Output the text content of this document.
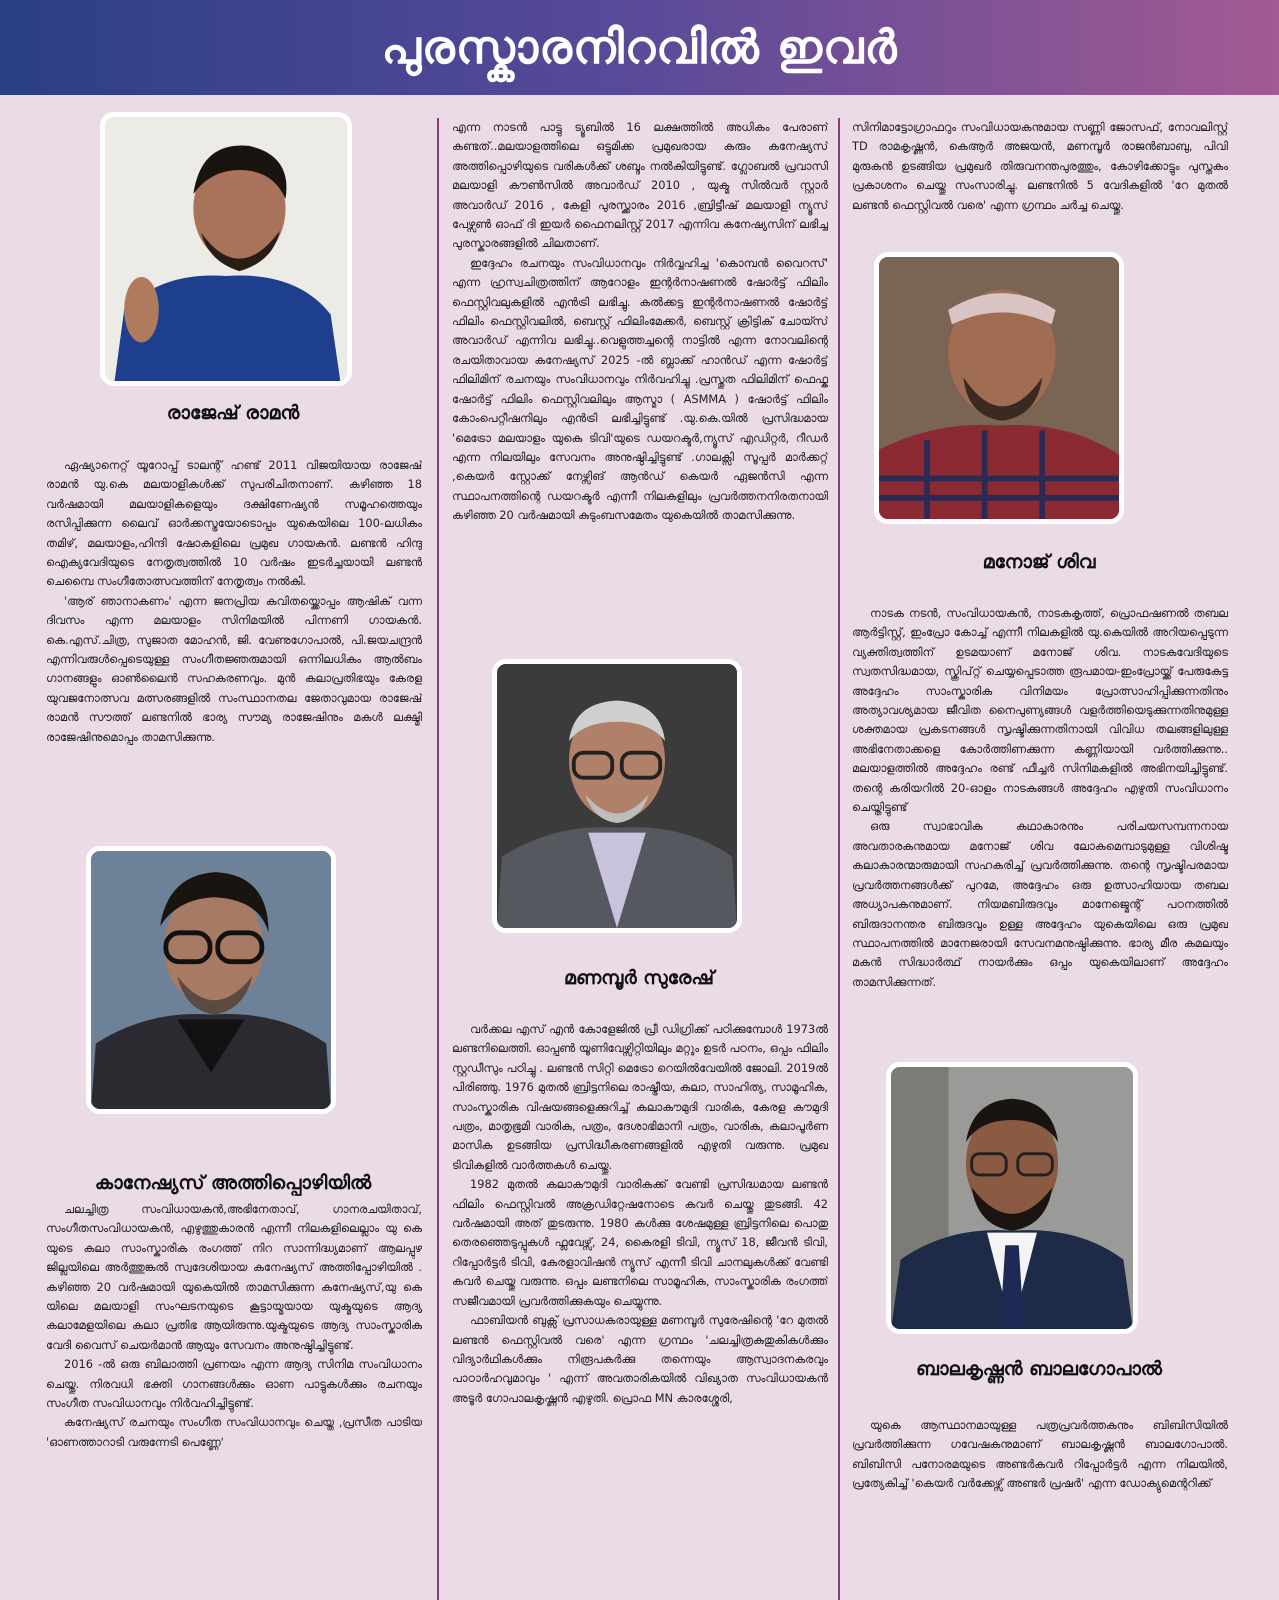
പുരസ്കാരനിറവിൽ ഇവർ
രാജേഷ് രാമൻ

ഏഷ്യാനെറ്റ് യൂറോപ്പ് ടാലന്റ് ഹണ്ട് 2011 വിജയിയായ രാജേഷ് രാമൻ യു.കെ മലയാളികൾക്ക് സുപരിചിതനാണ്. കഴിഞ്ഞ 18 വർഷമായി മലയാളികളെയും ദക്ഷിണേഷ്യൻ സമൂഹത്തെയും രസിപ്പിക്കുന്ന ലൈവ് ഓർക്കസ്ട്രയോടൊപ്പം യുകെയിലെ 100-ലധികം തമിഴ്, മലയാളം,ഹിന്ദി ഷോകളിലെ പ്രമുഖ ഗായകൻ. ലണ്ടൻ ഹിന്ദു ഐക്യവേദിയുടെ നേതൃത്വത്തിൽ 10 വർഷം ഇടർച്ചയായി ലണ്ടൻ ചെമ്പൈ സംഗീതോത്സവത്തിന് നേതൃത്വം നൽകി.

'ആര് ഞാനാകണം' എന്ന ജനപ്രിയ കവിതയ്ക്കൊപ്പം ആഷിക് വന്ന ദിവസം എന്ന മലയാളം സിനിമയിൽ പിന്നണി ഗായകൻ. കെ.എസ്.ചിത്ര, സുജാത മോഹൻ, ജി. വേണുഗോപാൽ, പി.ജയചന്ദ്രൻ എന്നിവരുൾപ്പെടെയുള്ള സംഗീതജ്ഞരുമായി ഒന്നിലധികം ആൽബം ഗാനങ്ങളും ഓൺലൈൻ സഹകരണവും. മുൻ കലാപ്രതിഭയും കേരള യുവജനോത്സവ മത്സരങ്ങളിൽ സംസ്ഥാനതല ജേതാവുമായ രാജേഷ് രാമൻ സൗത്ത് ലണ്ടനിൽ ഭാര്യ സൗമ്യ രാജേഷിനും മകൾ ലക്ഷ്മി രാജേഷിനുമൊപ്പം താമസിക്കുന്നു.

കാനേഷ്യസ് അത്തിപ്പൊഴിയിൽ

ചലച്ചിത്ര സംവിധായകൻ,അഭിനേതാവ്, ഗാനരചയിതാവ്, സംഗീതസംവിധായകൻ, എഴുത്തുകാരൻ എന്നീ നിലകളിലെല്ലാം യു കെ യുടെ കലാ സാംസ്കാരിക രംഗത്ത് നിറ സാന്നിദ്ധ്യമാണ് ആലപ്പുഴ ജില്ലയിലെ അർത്തുങ്കൽ സ്വദേശിയായ കനേഷ്യസ് അത്തിപ്പോഴിയിൽ . കഴിഞ്ഞ 20 വർഷമായി യുകെയിൽ താമസിക്കുന്ന കനേഷ്യസ്,യു കെ യിലെ മലയാളി സംഘടനയുടെ കൂട്ടായ്മയായ യുക്മയുടെ ആദ്യ കലാമേളയിലെ കലാ പ്രതിഭ ആയിരുന്നു.യുക്മയുടെ ആദ്യ സാംസ്കാരിക വേദി വൈസ് ചെയർമാൻ ആയും സേവനം അനുഷ്ഠിച്ചിട്ടുണ്ട്.

2016 -ൽ ഒരു ബിലാത്തി പ്രണയം എന്ന ആദ്യ സിനിമ സംവിധാനം ചെയ്തു. നിരവധി ഭക്തി ഗാനങ്ങൾക്കും ഓണ പാട്ടുകൾക്കും രചനയും സംഗീത സംവിധാനവും നിർവഹിച്ചിട്ടുണ്ട്.

കനേഷ്യസ് രചനയും സംഗീത സംവിധാനവും ചെയ്ത ,പ്രസീത പാടിയ 'ഓണത്താറാടി വരുന്നേടി പെണ്ണേ'

എന്ന നാടൻ പാട്ടു ട്യൂബിൽ 16 ലക്ഷത്തിൽ അധികം പേരാണ് കണ്ടത്..മലയാളത്തിലെ ഒട്ടുമിക്ക പ്രമുഖരായ കരും കനേഷ്യസ് അത്തിപ്പൊഴിയുടെ വരികൾക്ക് ശബ്ദം നൽകിയിട്ടുണ്ട്. ഗ്ലോബൽ പ്രവാസി മലയാളി കൗൺസിൽ അവാർഡ് 2010 , യുക്മ സിൽവർ സ്റ്റാർ അവാർഡ് 2016 , കേളി പുരസ്ക്കാരം 2016 ,ബ്രിട്ടീഷ് മലയാളി ന്യൂസ് പേഴ്സൺ ഓഫ് ദി ഇയർ ഫൈനലിസ്റ്റ് 2017 എന്നിവ കനേഷ്യസിന് ലഭിച്ച പുരസ്കാരങ്ങളിൽ ചിലതാണ്.

ഇദ്ദേഹം രചനയും സംവിധാനവും നിർവ്വഹിച്ച 'കൊമ്പൻ വൈറസ്' എന്ന ഹ്രസ്വചിത്രത്തിന് ആറോളം ഇന്റർനാഷണൽ ഷോർട്ട് ഫിലിം ഫെസ്റ്റിവലുകളിൽ എൻട്രി ലഭിച്ചു. കൽക്കട്ട ഇന്റർനാഷണൽ ഷോർട്ട് ഫിലിം ഫെസ്റ്റിവലിൽ, ബെസ്റ്റ് ഫിലിംമേക്കർ, ബെസ്റ്റ് ക്രിട്ടിക് ചോയ്സ് അവാർഡ് എന്നിവ ലഭിച്ചു..വെളുത്തച്ചന്റെ നാട്ടിൽ എന്ന നോവലിന്റെ രചയിതാവായ കനേഷ്യസ് 2025 -ൽ ബ്ലാക്ക് ഹാൻഡ് എന്ന ഷോർട്ട് ഫിലിമിന് രചനയും സംവിധാനവും നിർവഹിച്ചു .പ്രസ്തുത ഫിലിമിന് ഫെഫ്ക ഷോർട്ട് ഫിലിം ഫെസ്റ്റിവലിലും ആസ്മാ ( ASMMA ) ഷോർട്ട് ഫിലിം കോംപെറ്റീഷനിലും എൻട്രി ലഭിച്ചിട്ടുണ്ട് .യു.കെ.യിൽ പ്രസിദ്ധമായ 'മെട്രോ മലയാളം യുകെ ടിവി'യുടെ ഡയറക്ടർ,ന്യൂസ് എഡിറ്റർ, റീഡർ എന്ന നിലയിലും സേവനം അനുഷ്ഠിച്ചിട്ടുണ്ട് .ഗാലക്സി സൂപ്പർ മാർക്കറ്റ് ,കെയർ സ്റ്റോക്ക് നേഴ്സിങ് ആൻഡ് കെയർ ഏജൻസി എന്ന സ്ഥാപനത്തിന്റെ ഡയറക്ടർ എന്നീ നിലകളിലും പ്രവർത്തനനിരതനായി കഴിഞ്ഞ 20 വർഷമായി കുടുംബസമേതം യുകെയിൽ താമസിക്കുന്നു.

മണമ്പൂർ സുരേഷ്

വർക്കല എസ് എൻ കോളേജിൽ പ്രീ ഡിഗ്രിക്ക് പഠിക്കുമ്പോൾ 1973ൽ ലണ്ടനിലെത്തി. ഓപ്പൺ യൂണിവേഴ്സിറ്റിയിലും മറ്റും ഉടർ പഠനം, ഒപ്പം ഫിലിം സ്റ്റഡീസും പഠിച്ചു . ലണ്ടൻ സിറ്റി മെട്രോ റെയിൽവേയിൽ ജോലി. 2019ൽ പിരിഞ്ഞു. 1976 മുതൽ ബ്രിട്ടനിലെ രാഷ്ട്രീയ, കലാ, സാഹിത്യ, സാമൂഹിക, സാംസ്കാരിക വിഷയങ്ങളെക്കുറിച്ച് കലാകൗമുദി വാരിക, കേരള കൗമുദി പത്രം, മാതൃഭൂമി വാരിക, പത്രം, ദേശാഭിമാനി പത്രം, വാരിക, കലാപൂർണ മാസിക ഉടങ്ങിയ പ്രസിദ്ധീകരണങ്ങളിൽ എഴുതി വരുന്നു. പ്രമുഖ ടിവികളിൽ വാർത്തകൾ ചെയ്തു.

1982 മുതൽ കലാകൗമുദി വാരികക്ക് വേണ്ടി പ്രസിദ്ധമായ ലണ്ടൻ ഫിലിം ഫെസ്റ്റിവൽ അക്രഡിറ്റേഷനോടെ കവർ ചെയ്തു തുടങ്ങി. 42 വർഷമായി അത് തുടരുന്നു. 1980 കൾക്കു ശേഷമുള്ള ബ്രിട്ടനിലെ പൊതു തെരഞ്ഞെടുപ്പുകൾ ഫ്ലവേഴ്സ്, 24, കൈരളി ടിവി, ന്യൂസ് 18, ജീവൻ ടിവി, റിപ്പോർട്ടർ ടിവി, കേരളാവിഷൻ ന്യൂസ് എന്നീ ടിവി ചാനലുകൾക്ക് വേണ്ടി കവർ ചെയ്തു വരുന്നു. ഒപ്പം ലണ്ടനിലെ സാമൂഹിക, സാംസ്കാരിക രംഗത്ത് സജീവമായി പ്രവർത്തിക്കുകയും ചെയ്യുന്നു.

ഫാബിയൻ ബുക്സ് പ്രസാധകരായുള്ള മണമ്പൂർ സുരേഷിന്റെ 'റേ മുതൽ ലണ്ടൻ ഫെസ്റ്റിവൽ വരെ' എന്ന ഗ്രന്ഥം 'ചലച്ചിത്രകുതുകികൾക്കും വിദ്യാർഥികൾക്കും നിരൂപകർക്കു തന്നെയും ആസ്വാദനകരവും പാഠാർഹവുമാവും ' എന്ന് അവതാരികയിൽ വിഖ്യാത സംവിധായകൻ അടൂർ ഗോപാലകൃഷ്ണൻ എഴുതി. പ്രൊഫ MN കാരശ്ശേരി,

സിനിമാട്ടോഗ്രാഫറും സംവിധായകനുമായ സണ്ണി ജോസഫ്, നോവലിസ്റ്റ് TD രാമകൃഷ്ണൻ, കെആർ അജയൻ, മണമ്പൂർ രാജൻബാബു, പിവി മുരുകൻ ഉടങ്ങിയ പ്രമുഖർ തിരുവനന്തപുരത്തും, കോഴിക്കോട്ടും പുസ്തകം പ്രകാശനം ചെയ്തു സംസാരിച്ചു. ലണ്ടനിൽ 5 വേദികളിൽ 'റേ മുതൽ ലണ്ടൻ ഫെസ്റ്റിവൽ വരെ' എന്ന ഗ്രന്ഥം ചർച്ച ചെയ്തു.

മനോജ് ശിവ

നാടക നടൻ, സംവിധായകൻ, നാടകകൃത്ത്, പ്രൊഫഷണൽ തബല ആർട്ടിസ്റ്റ്, ഇംപ്രോ കോച്ച് എന്നീ നിലകളിൽ യു.കെയിൽ അറിയപ്പെടുന്ന വ്യക്തിത്വത്തിന് ഉടമയാണ് മനോജ് ശിവ. നാടകവേദിയുടെ സ്വതസിദ്ധമായ, സ്ക്രിപ്റ്റ് ചെയ്യപ്പെടാത്ത രൂപമായ-ഇംപ്രോയ്ക്ക് പേരുകേട്ട അദ്ദേഹം സാംസ്കാരിക വിനിമയം പ്രോത്സാഹിപ്പിക്കുന്നതിനും അത്യാവശ്യമായ ജീവിത നൈപുണ്യങ്ങൾ വളർത്തിയെടുക്കുന്നതിനുമുള്ള ശക്തമായ പ്രകടനങ്ങൾ സൃഷ്ടിക്കുന്നതിനായി വിവിധ തലങ്ങളിലുള്ള അഭിനേതാക്കളെ കോർത്തിണക്കുന്ന കണ്ണിയായി വർത്തിക്കുന്നു.. മലയാളത്തിൽ അദ്ദേഹം രണ്ട് ഫീച്ചർ സിനിമകളിൽ അഭിനയിച്ചിട്ടുണ്ട്. തന്റെ കരിയറിൽ 20-ഓളം നാടകങ്ങൾ അദ്ദേഹം എഴുതി സംവിധാനം ചെയ്തിട്ടുണ്ട്

ഒരു സ്വാഭാവിക കഥാകാരനും പരിചയസമ്പന്നനായ അവതാരകനുമായ മനോജ് ശിവ ലോകമെമ്പാടുമുള്ള വിശിഷ്ട കലാകാരന്മാരുമായി സഹകരിച്ച് പ്രവർത്തിക്കുന്നു. തന്റെ സൃഷ്ടിപരമായ പ്രവർത്തനങ്ങൾക്ക് പുറമേ, അദ്ദേഹം ഒരു ഉത്സാഹിയായ തബല അധ്യാപകനുമാണ്. നിയമബിരുദവും മാനേജ്മെന്റ് പഠനത്തിൽ ബിരുദാനന്തര ബിരുദവും ഉള്ള അദ്ദേഹം യുകെയിലെ ഒരു പ്രമുഖ സ്ഥാപനത്തിൽ മാനേജരായി സേവനമനുഷ്ഠിക്കുന്നു. ഭാര്യ മീര കമലയും മകൻ സിദ്ധാർത്ഥ് നായർക്കും ഒപ്പം യുകെയിലാണ് അദ്ദേഹം താമസിക്കുന്നത്.

ബാലകൃഷ്ണൻ ബാലഗോപാൽ

യുകെ ആസ്ഥാനമായുള്ള പത്രപ്രവർത്തകനും ബിബിസിയിൽ പ്രവർത്തിക്കുന്ന ഗവേഷകനുമാണ് ബാലകൃഷ്ണൻ ബാലഗോപാൽ. ബിബിസി പനോരമയുടെ അണ്ടർകവർ റിപ്പോർട്ടർ എന്ന നിലയിൽ, പ്രത്യേകിച്ച് 'കെയർ വർക്കേഴ്സ് അണ്ടർ പ്രഷർ' എന്ന ഡോക്യുമെന്ററിക്ക്
